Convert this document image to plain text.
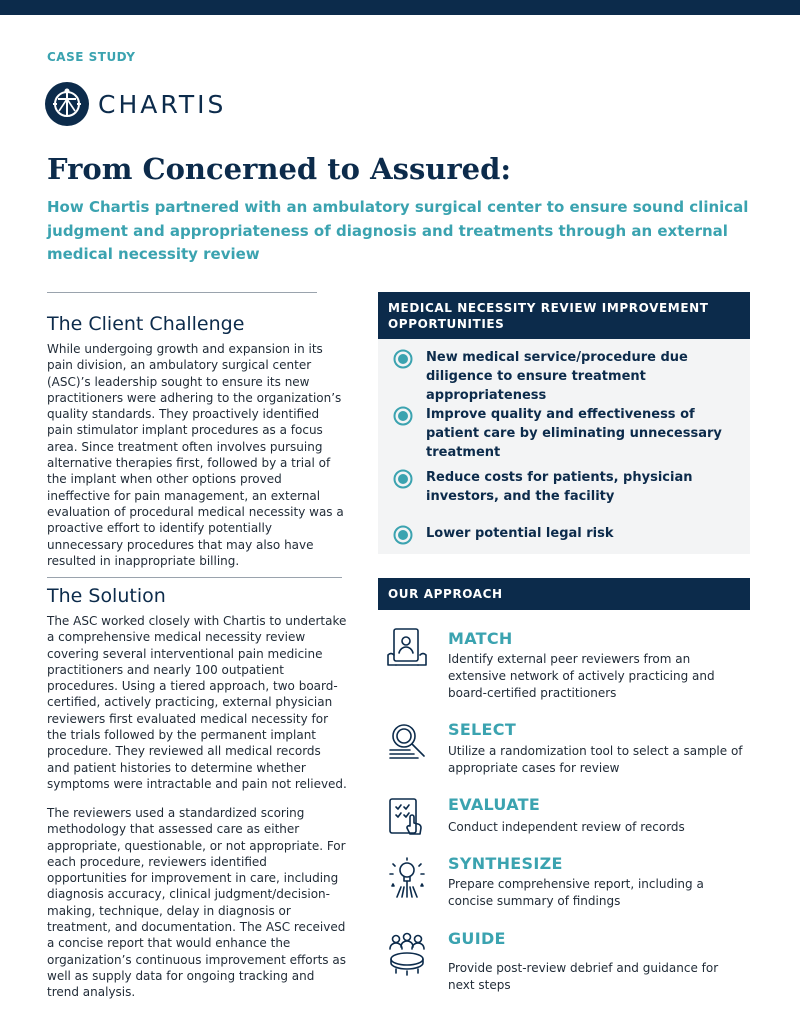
CASE STUDY
CHARTIS
From Concerned to Assured:
How Chartis partnered with an ambulatory surgical center to ensure sound clinical judgment and appropriateness of diagnosis and treatments through an external medical necessity review
The Client Challenge
While undergoing growth and expansion in its pain division, an ambulatory surgical center (ASC)’s leadership sought to ensure its new practitioners were adhering to the organization’s quality standards. They proactively identified pain stimulator implant procedures as a focus area. Since treatment often involves pursuing alternative therapies first, followed by a trial of the implant when other options proved ineffective for pain management, an external evaluation of procedural medical necessity was a proactive effort to identify potentially unnecessary procedures that may also have resulted in inappropriate billing.
The Solution
The ASC worked closely with Chartis to undertake a comprehensive medical necessity review covering several interventional pain medicine practitioners and nearly 100 outpatient procedures. Using a tiered approach, two board-certified, actively practicing, external physician reviewers first evaluated medical necessity for the trials followed by the permanent implant procedure. They reviewed all medical records and patient histories to determine whether symptoms were intractable and pain not relieved.
The reviewers used a standardized scoring methodology that assessed care as either appropriate, questionable, or not appropriate. For each procedure, reviewers identified opportunities for improvement in care, including diagnosis accuracy, clinical judgment/decision-making, technique, delay in diagnosis or treatment, and documentation. The ASC received a concise report that would enhance the organization’s continuous improvement efforts as well as supply data for ongoing tracking and trend analysis.
MEDICAL NECESSITY REVIEW IMPROVEMENT OPPORTUNITIES
New medical service/procedure due diligence to ensure treatment appropriateness
Improve quality and effectiveness of patient care by eliminating unnecessary treatment
Reduce costs for patients, physician investors, and the facility
Lower potential legal risk
OUR APPROACH
MATCH
Identify external peer reviewers from an extensive network of actively practicing and board-certified practitioners
SELECT
Utilize a randomization tool to select a sample of appropriate cases for review
EVALUATE
Conduct independent review of records
SYNTHESIZE
Prepare comprehensive report, including a concise summary of findings
GUIDE
Provide post-review debrief and guidance for next steps
